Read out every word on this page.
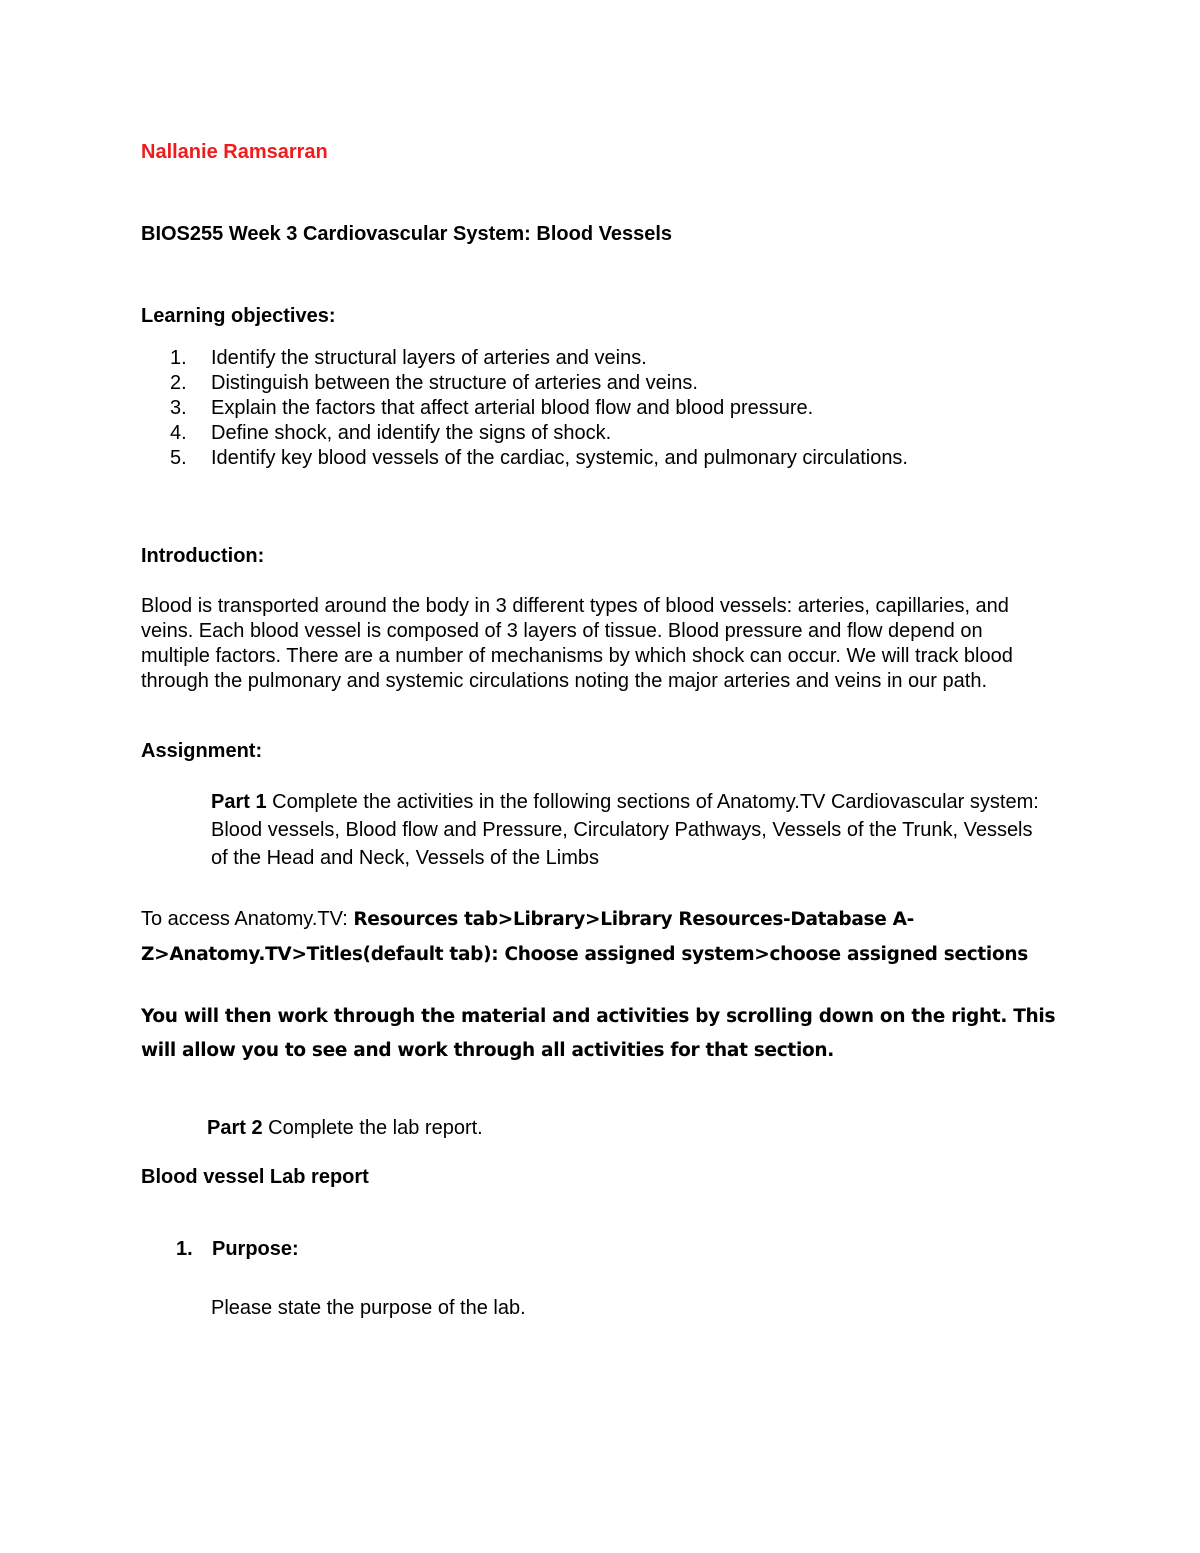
Nallanie Ramsarran
BIOS255 Week 3 Cardiovascular System: Blood Vessels
Learning objectives:
1. Identify the structural layers of arteries and veins.
2. Distinguish between the structure of arteries and veins.
3. Explain the factors that affect arterial blood flow and blood pressure.
4. Define shock, and identify the signs of shock.
5. Identify key blood vessels of the cardiac, systemic, and pulmonary circulations.
Introduction:
Blood is transported around the body in 3 different types of blood vessels: arteries, capillaries, and veins. Each blood vessel is composed of 3 layers of tissue. Blood pressure and flow depend on multiple factors. There are a number of mechanisms by which shock can occur. We will track blood through the pulmonary and systemic circulations noting the major arteries and veins in our path.
Assignment:
Part 1 Complete the activities in the following sections of Anatomy.TV Cardiovascular system: Blood vessels, Blood flow and Pressure, Circulatory Pathways, Vessels of the Trunk, Vessels of the Head and Neck, Vessels of the Limbs
To access Anatomy.TV: Resources tab>Library>Library Resources-Database A-Z>Anatomy.TV>Titles(default tab): Choose assigned system>choose assigned sections
You will then work through the material and activities by scrolling down on the right. This will allow you to see and work through all activities for that section.
Part 2 Complete the lab report.
Blood vessel Lab report
1. Purpose:
Please state the purpose of the lab.
